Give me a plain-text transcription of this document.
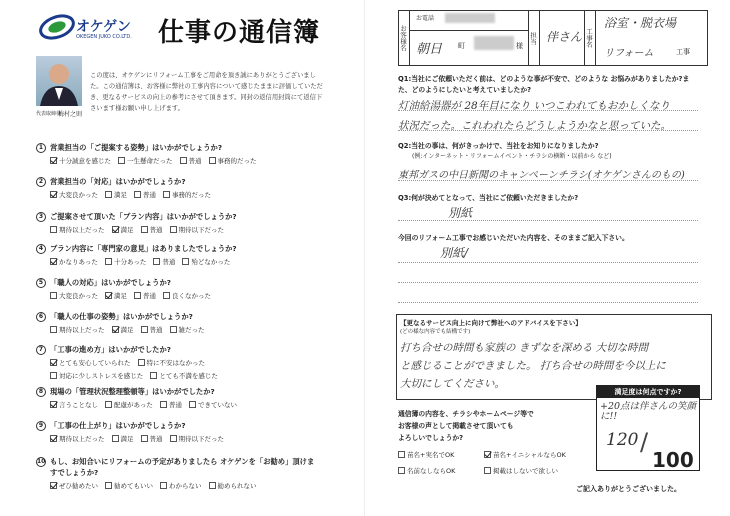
オケゲン
OKEGEN JUKO CO.LTD. 仕事の通信簿
代表取締役
梅村之則
この度は、オケゲンにリフォーム工事をご用命を頂き誠にありがとうございました。この通信簿は、お客様に弊社の工事内容について感じたままに評価していただき、更なるサービスの向上の参考にさせて頂きます。同封の返信用封筒にて返信下さいます様お願い申し上げます。
1 営業担当の「ご提案する姿勢」はいかがでしょうか?
十分誠意を感じた 一生懸命だった 普通 事務的だった
2 営業担当の「対応」はいかがでしょうか?
大変良かった 満足 普通 事務的だった
3 ご提案させて頂いた「プラン内容」はいかがでしょうか?
期待以上だった 満足 普通 期待以下だった
4 プラン内容に「専門家の意見」はありましたでしょうか?
かなりあった 十分あった 普通 殆どなかった
5 「職人の対応」はいかがでしょうか?
大変良かった 満足 普通 良くなかった
6 「職人の仕事の姿勢」はいかがでしょうか?
期待以上だった 満足 普通 雑だった
7 「工事の進め方」はいかがでしたか?
とても安心していられた 特に不安はなかった
対応に少しストレスを感じた とても不満を感じた
8 現場の「管理状況整理整頓等」はいかがでしたか?
言うことなし 配慮があった 普通 できていない
9 「工事の仕上がり」はいかがでしょうか?
期待以上だった 満足 普通 期待以下だった
10 もし、お知合いにリフォームの予定がありましたら オケゲンを「お勧め」頂けますでしょうか?
ぜひ勧めたい 勧めてもいい わからない 勧められない
お客様名
お電話
朝日 町	様
担当 伴さん 工事名
浴室・脱衣場
リフォーム	工事
Q1:当社にご依頼いただく前は、どのような事が不安で、どのような お悩みがありましたか?また、どのようにしたいと考えていましたか?
灯油給湯器が 28年目になり いつこわれてもおかしくなり
状況だった。これわれたらどうしようかなと思っていた。
Q2:当社の事は、何がきっかけで、当社をお知りになりましたか?
(例:インターネット・リフォームイベント・チラシの横断・以前から など)
東邦ガスの中日新聞のキャンペーンチラシ(オケゲンさんのもの)
Q3:何が決めてとなって、当社にご依頼いただきましたか?
別紙
今回のリフォーム工事でお感じいただいた内容を、そのままご記入下さい。
別紙/
【更なるサービス向上に向けて弊社へのアドバイスを下さい】
(どの様な内容でも結構です)
打ち合せの時間も家族の きずなを深める 大切な時間
と感じることができました。 打ち合せの時間を今以上に
大切にしてください。
通信簿の内容を、チラシやホームページ等で
お客様の声として掲載させて頂いても
よろしいでしょうか?
苗名+実名でOK	苗名+イニシャルならOK
名前なしならOK	掲載はしないで欲しい
満足度は何点ですか?
+20点は伴さんの笑顔に!!
120 /
100
ご記入ありがとうございました。
